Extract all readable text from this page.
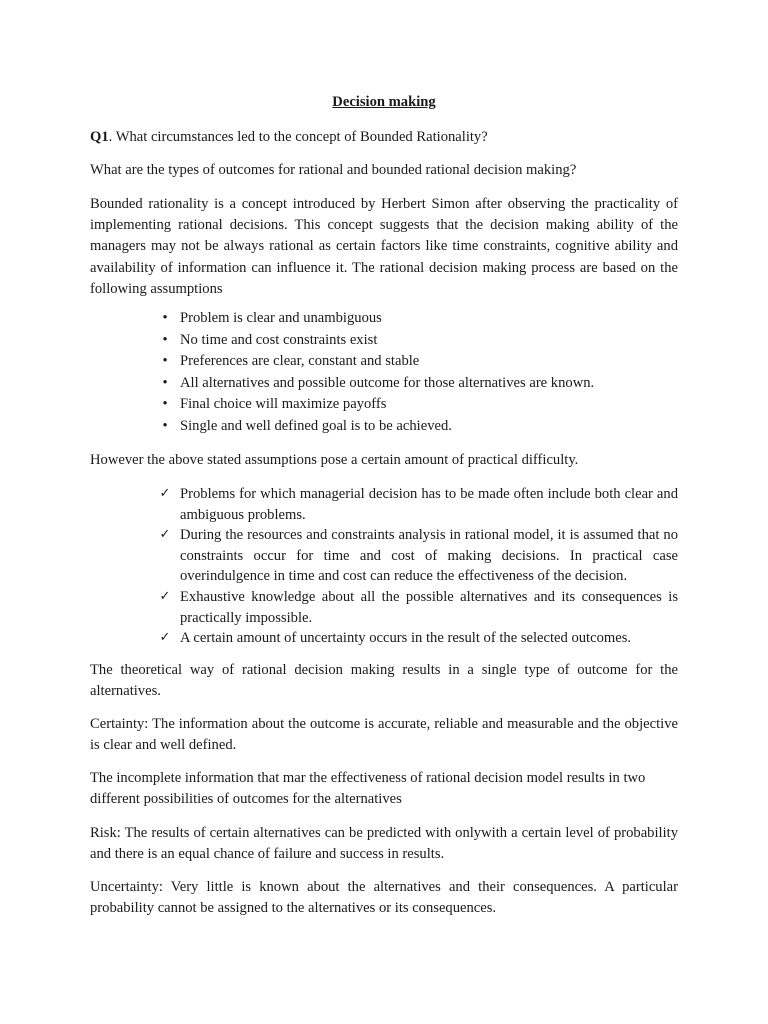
Decision making

Q1. What circumstances led to the concept of Bounded Rationality?

What are the types of outcomes for rational and bounded rational decision making?

Bounded rationality is a concept introduced by Herbert Simon after observing the practicality of implementing rational decisions. This concept suggests that the decision making ability of the managers may not be always rational as certain factors like time constraints, cognitive ability and availability of information can influence it. The rational decision making process are based on the following assumptions

• Problem is clear and unambiguous
• No time and cost constraints exist
• Preferences are clear, constant and stable
• All alternatives and possible outcome for those alternatives are known.
• Final choice will maximize payoffs
• Single and well defined goal is to be achieved.

However the above stated assumptions pose a certain amount of practical difficulty.

✓ Problems for which managerial decision has to be made often include both clear and ambiguous problems.
✓ During the resources and constraints analysis in rational model, it is assumed that no constraints occur for time and cost of making decisions. In practical case overindulgence in time and cost can reduce the effectiveness of the decision.
✓ Exhaustive knowledge about all the possible alternatives and its consequences is practically impossible.
✓ A certain amount of uncertainty occurs in the result of the selected outcomes.

The theoretical way of rational decision making results in a single type of outcome for the alternatives.

Certainty: The information about the outcome is accurate, reliable and measurable and the objective is clear and well defined.

The incomplete information that mar the effectiveness of rational decision model results in two different possibilities of outcomes for the alternatives

Risk: The results of certain alternatives can be predicted with onlywith a certain level of probability and there is an equal chance of failure and success in results.

Uncertainty: Very little is known about the alternatives and their consequences. A particular probability cannot be assigned to the alternatives or its consequences.
